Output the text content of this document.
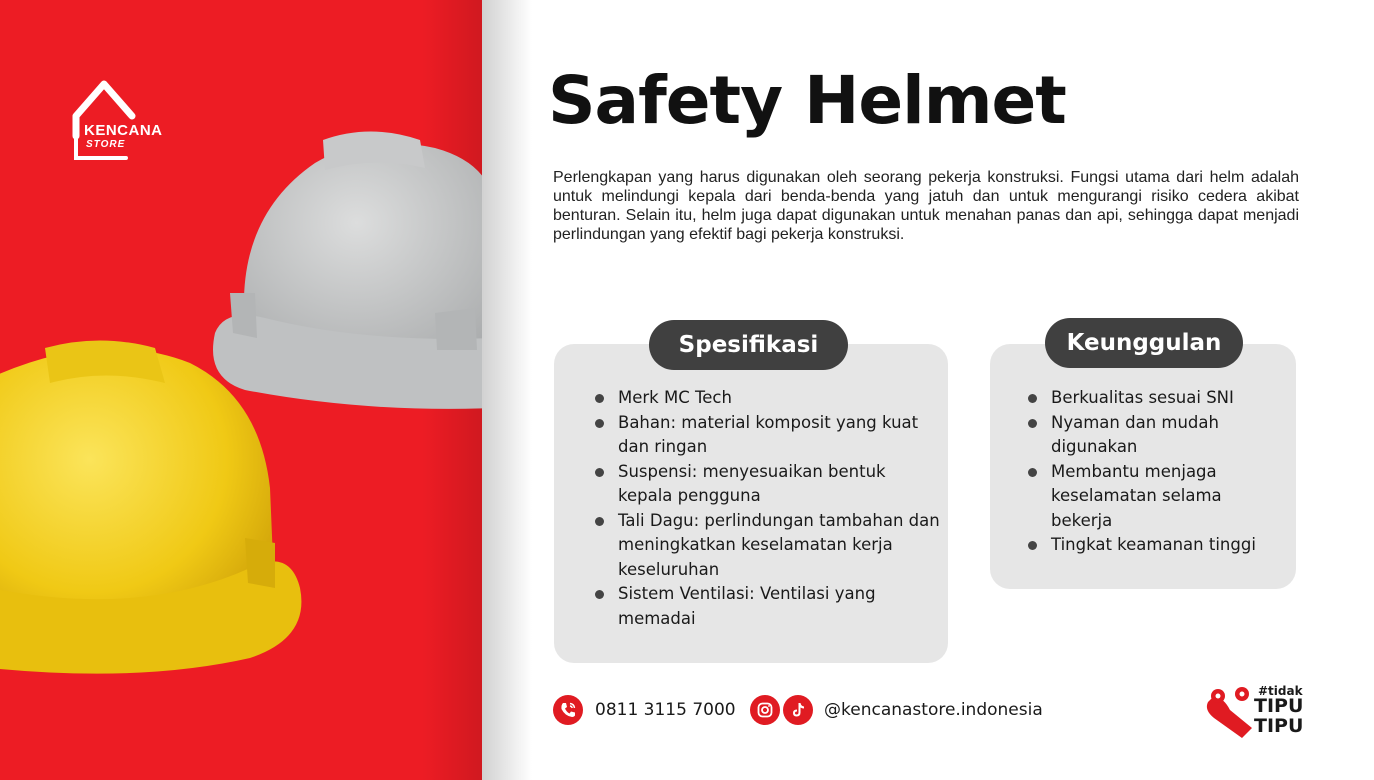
KENCANA
STORE
Safety Helmet

Perlengkapan yang harus digunakan oleh seorang pekerja konstruksi. Fungsi utama dari helm adalah untuk melindungi kepala dari benda-benda yang jatuh dan untuk mengurangi risiko cedera akibat benturan. Selain itu, helm juga dapat digunakan untuk menahan panas dan api, sehingga dapat menjadi perlindungan yang efektif bagi pekerja konstruksi.

Spesifikasi
Merk MC Tech
Bahan: material komposit yang kuat dan ringan
Suspensi: menyesuaikan bentuk kepala pengguna
Tali Dagu: perlindungan tambahan dan meningkatkan keselamatan kerja keseluruhan
Sistem Ventilasi: Ventilasi yang memadai
Keunggulan
Berkualitas sesuai SNI
Nyaman dan mudah digunakan
Membantu menjaga keselamatan selama bekerja
Tingkat keamanan tinggi
0811 3115 7000	@kencanastore.indonesia
#tidak
TIPU
TIPU
